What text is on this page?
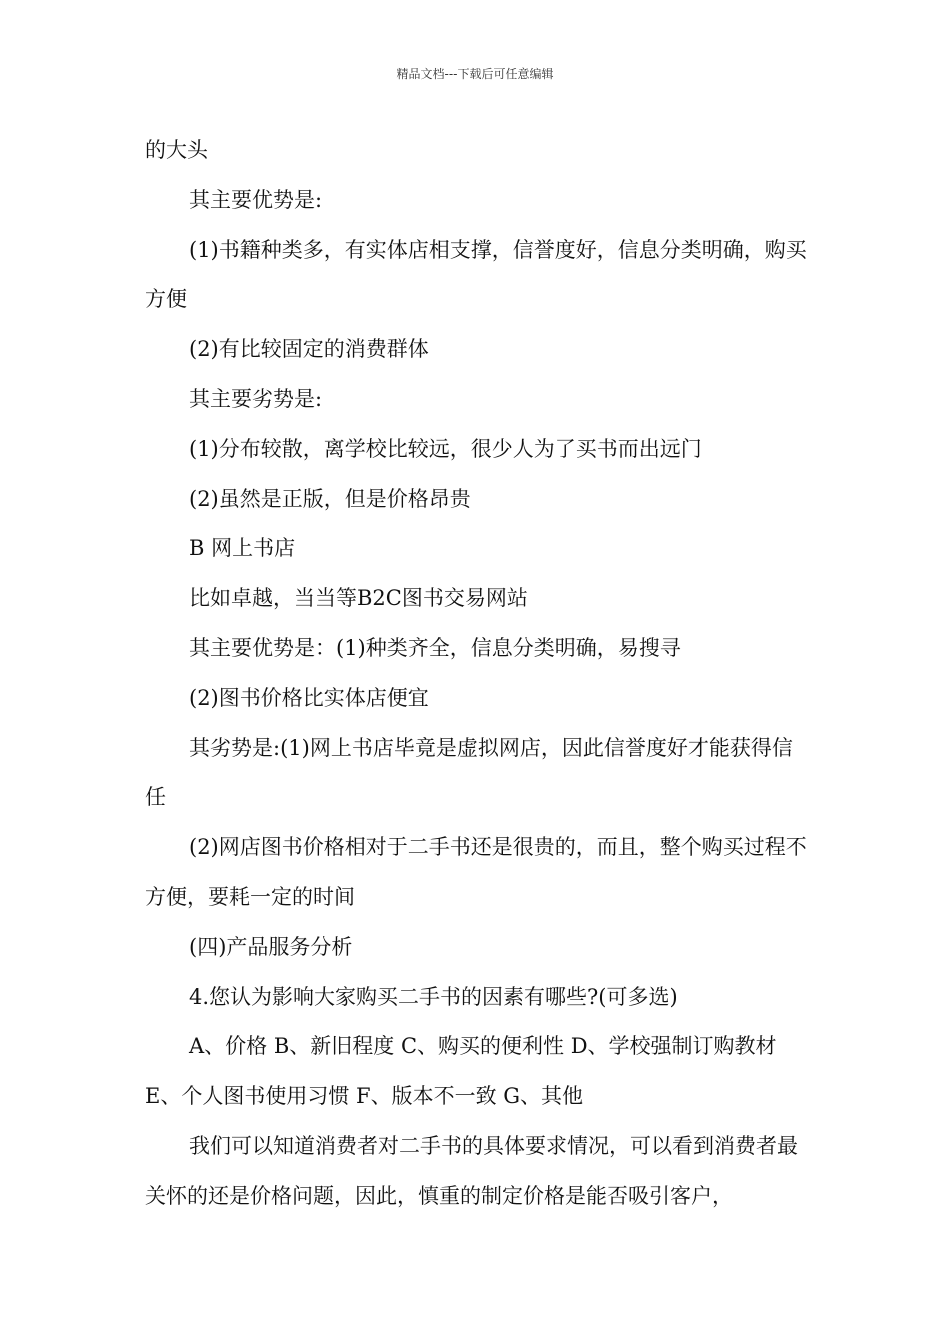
精品文档---下载后可任意编辑

的大头

其主要优势是:

(1)书籍种类多，有实体店相支撑，信誉度好，信息分类明确，购买方便

(2)有比较固定的消费群体

其主要劣势是:

(1)分布较散，离学校比较远，很少人为了买书而出远门

(2)虽然是正版，但是价格昂贵

B 网上书店

比如卓越，当当等B2C图书交易网站

其主要优势是：(1)种类齐全，信息分类明确，易搜寻

(2)图书价格比实体店便宜

其劣势是:(1)网上书店毕竟是虚拟网店，因此信誉度好才能获得信任

(2)网店图书价格相对于二手书还是很贵的，而且，整个购买过程不方便，要耗一定的时间

(四)产品服务分析

4.您认为影响大家购买二手书的因素有哪些?(可多选)

A、价格 B、新旧程度 C、购买的便利性 D、学校强制订购教材 E、个人图书使用习惯 F、版本不一致 G、其他

我们可以知道消费者对二手书的具体要求情况，可以看到消费者最关怀的还是价格问题，因此，慎重的制定价格是能否吸引客户，
